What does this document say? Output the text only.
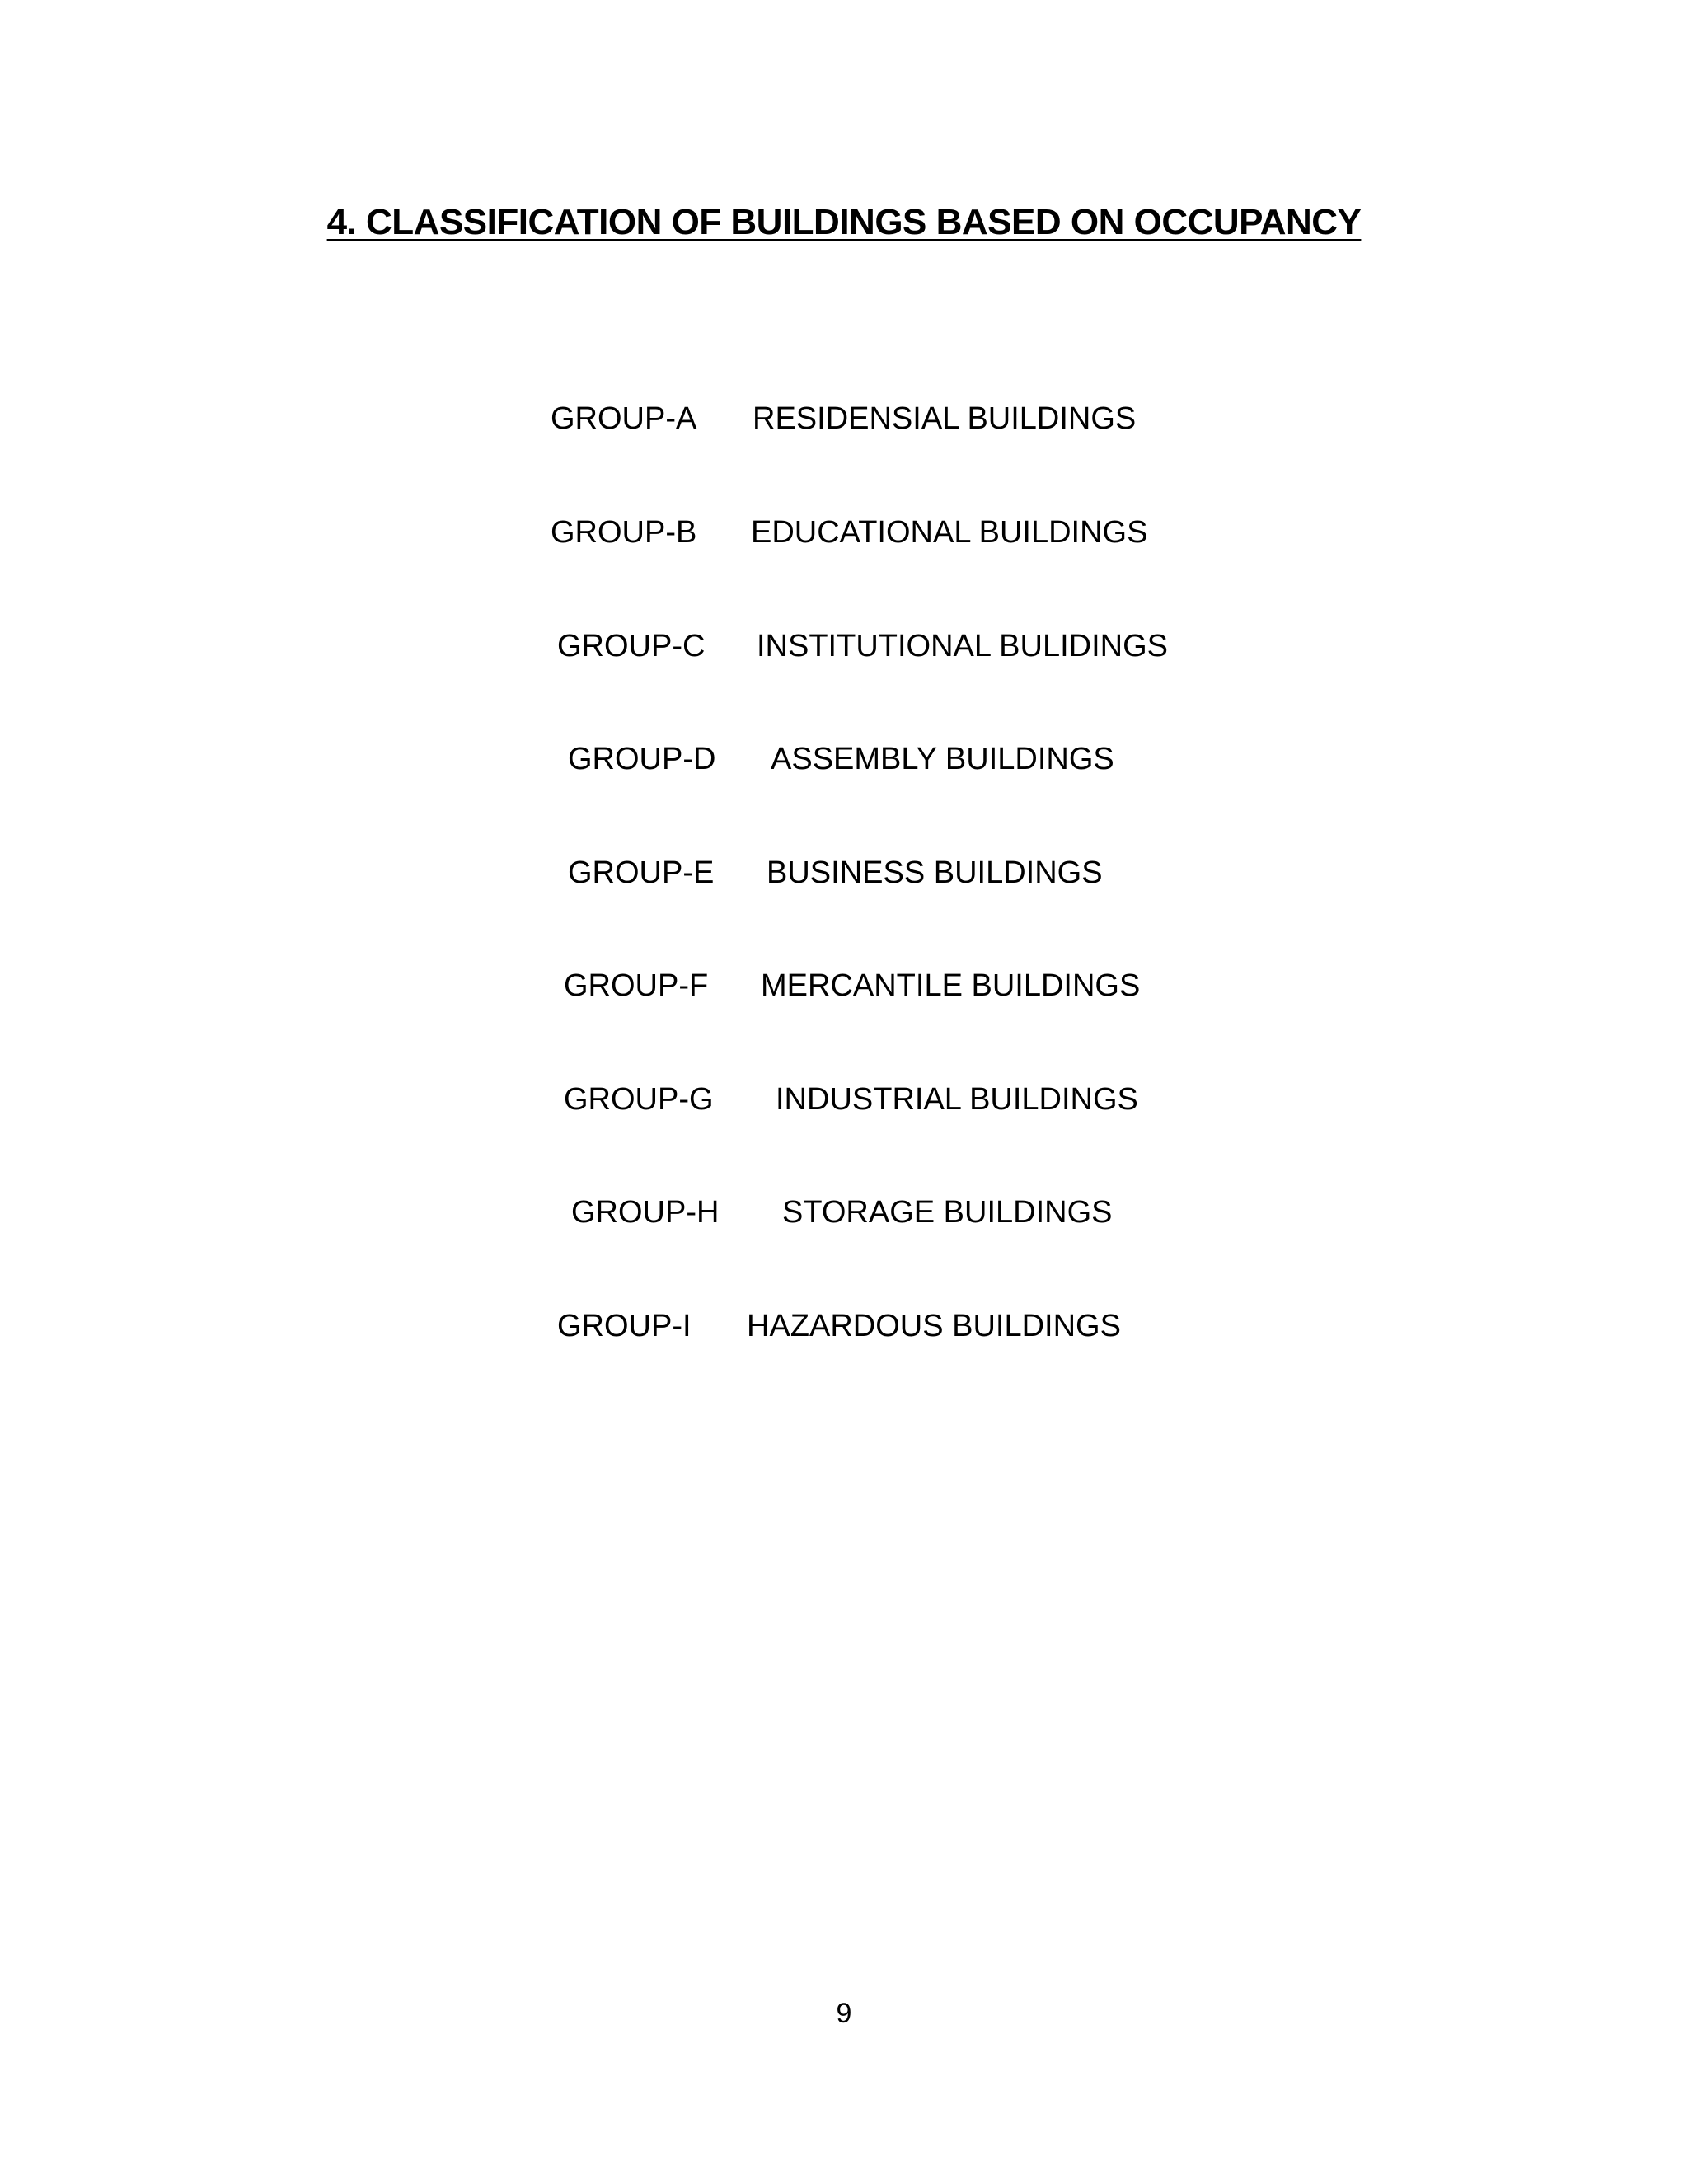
4. CLASSIFICATION OF BUILDINGS BASED ON OCCUPANCY
GROUP-A RESIDENSIAL BUILDINGS
GROUP-B EDUCATIONAL BUILDINGS
GROUP-C INSTITUTIONAL BULIDINGS
GROUP-D ASSEMBLY BUILDINGS
GROUP-E BUSINESS BUILDINGS
GROUP-F MERCANTILE BUILDINGS
GROUP-G INDUSTRIAL BUILDINGS
GROUP-H STORAGE BUILDINGS
GROUP-I HAZARDOUS BUILDINGS
9
